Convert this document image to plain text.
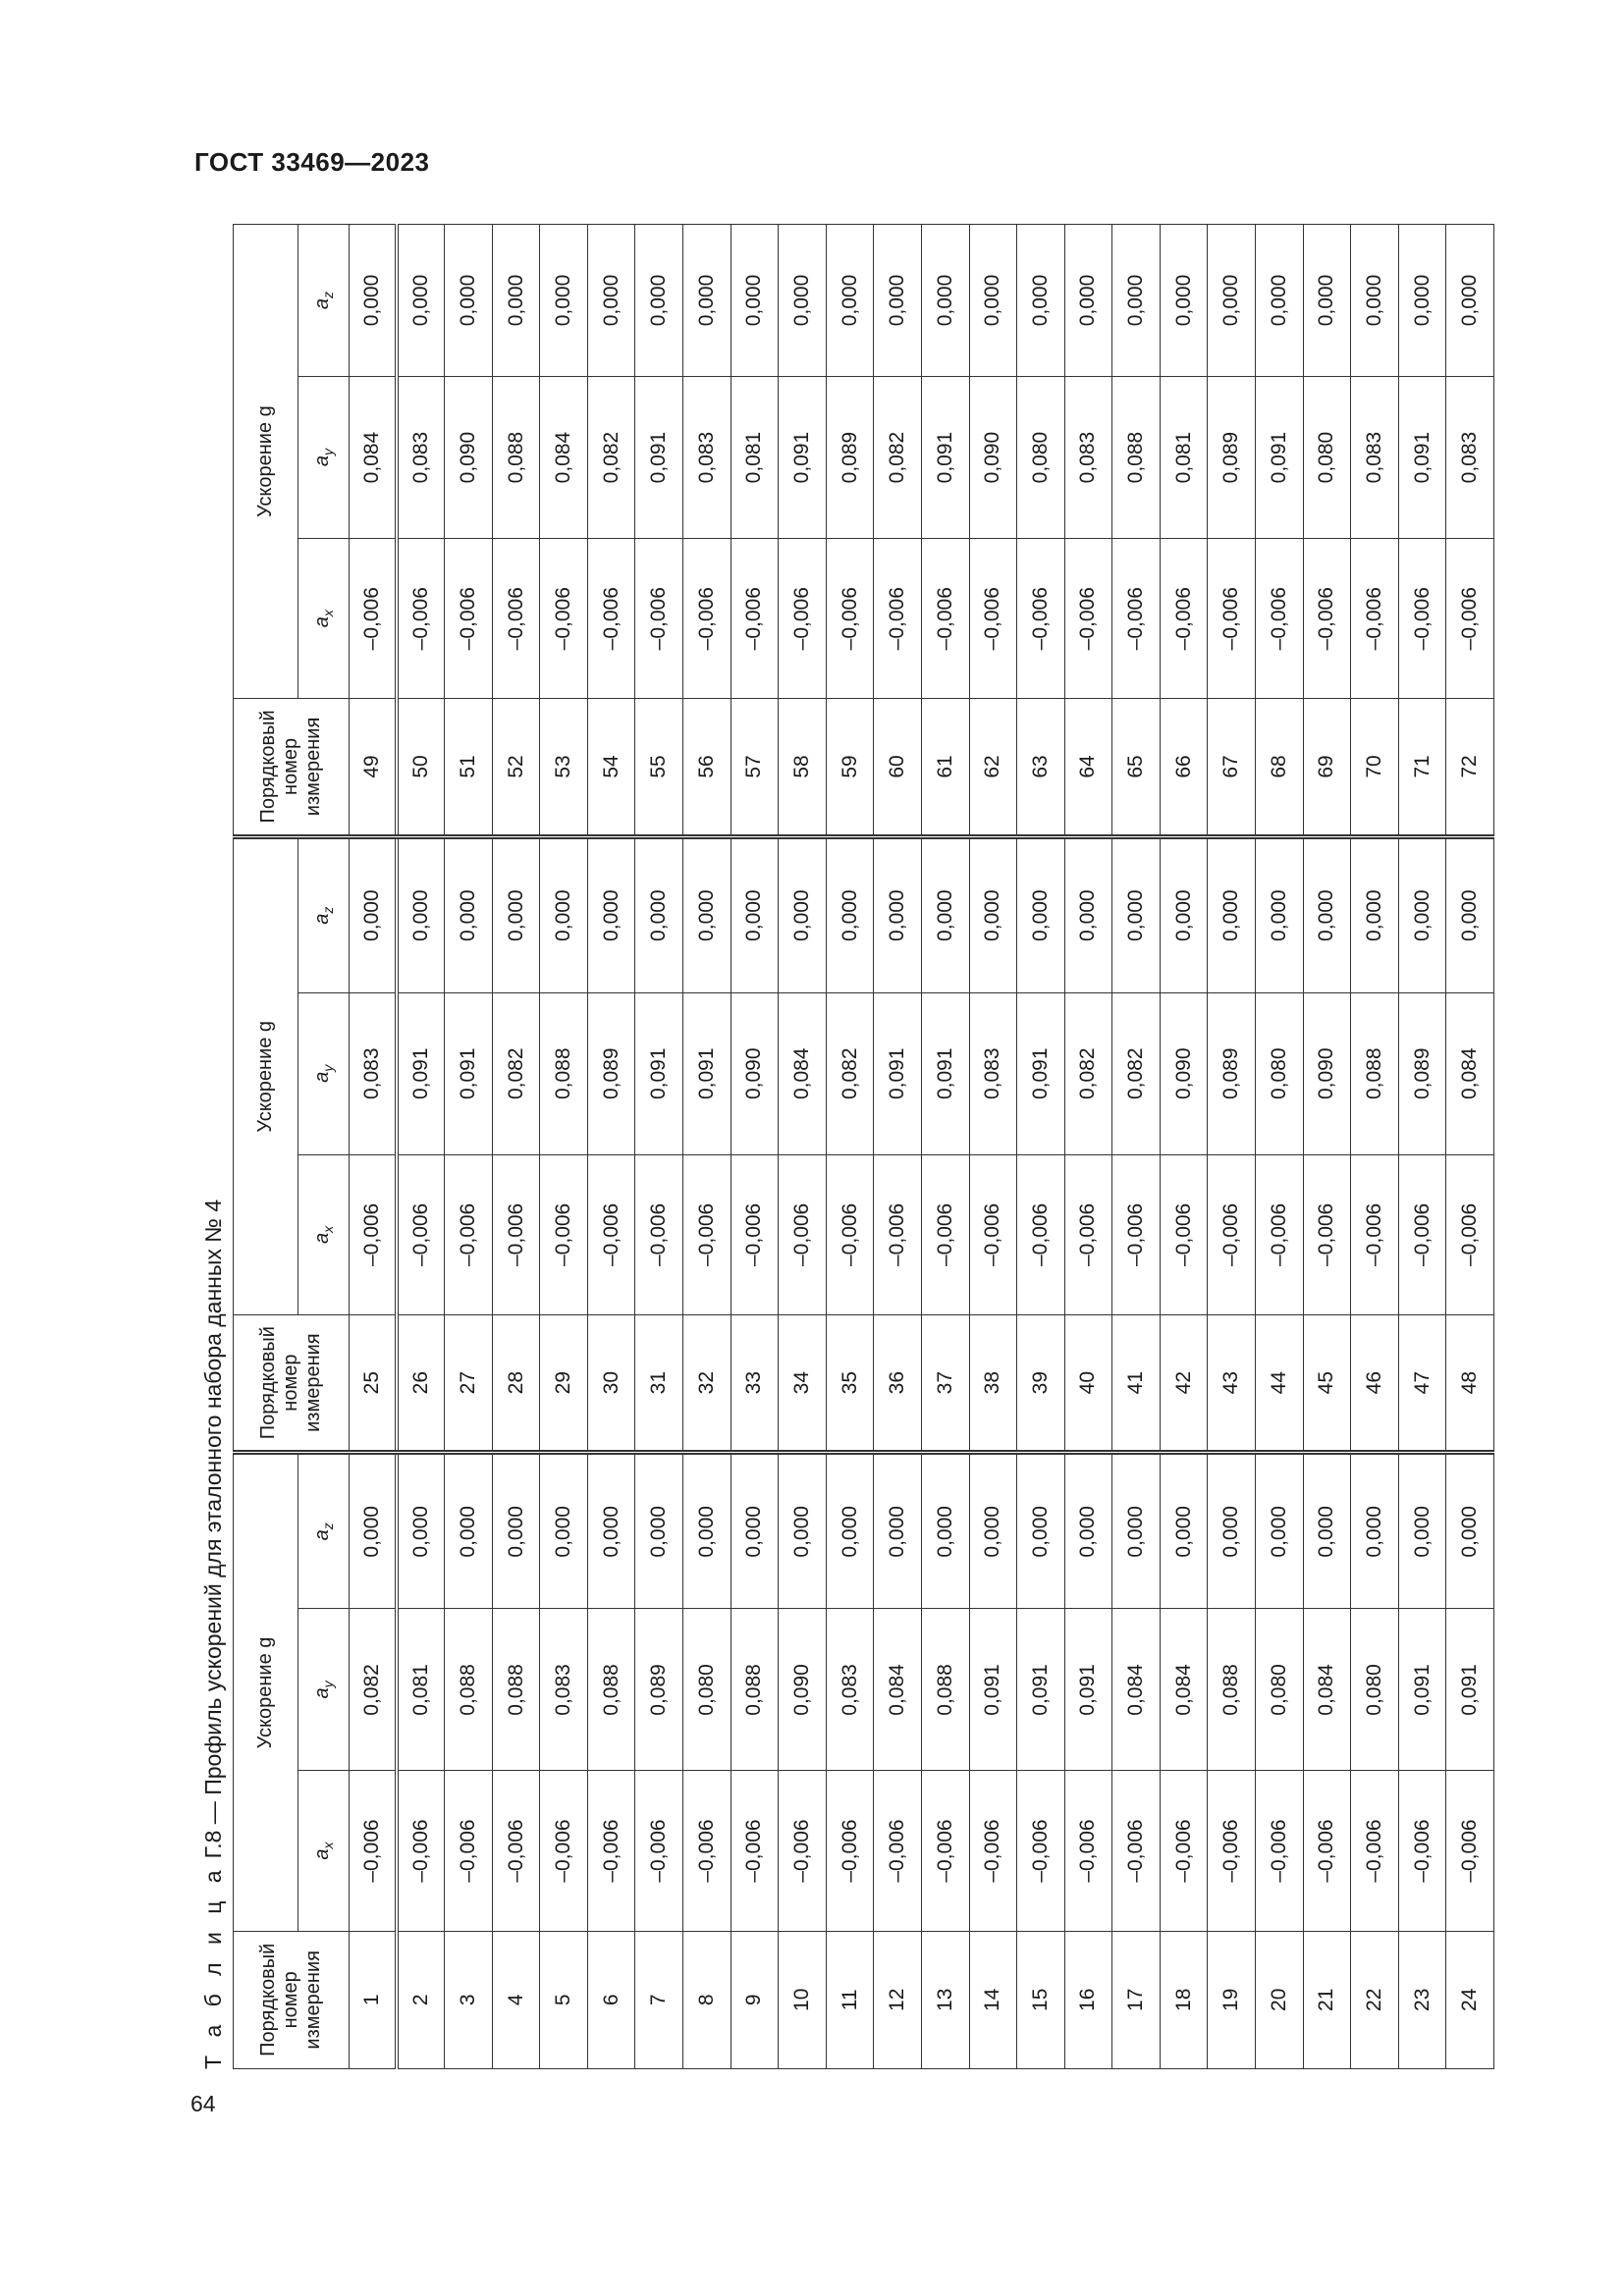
ГОСТ 33469—2023
64
Т а б л и ц аГ.8 — Профиль ускорений для эталонного набора данных № 4
Порядковый номер измерения	Ускорение g			Порядковый номер измерения	Ускорение g			Порядковый номер измерения	Ускорение g		
	$a_x$	$a_y$	$a_z$		$a_x$	$a_y$	$a_z$		$a_x$	$a_y$	$a_z$
1	–0,006	0,082	0,000	25	–0,006	0,083	0,000	49	–0,006	0,084	0,000
2	–0,006	0,081	0,000	26	–0,006	0,091	0,000	50	–0,006	0,083	0,000
3	–0,006	0,088	0,000	27	–0,006	0,091	0,000	51	–0,006	0,090	0,000
4	–0,006	0,088	0,000	28	–0,006	0,082	0,000	52	–0,006	0,088	0,000
5	–0,006	0,083	0,000	29	–0,006	0,088	0,000	53	–0,006	0,084	0,000
6	–0,006	0,088	0,000	30	–0,006	0,089	0,000	54	–0,006	0,082	0,000
7	–0,006	0,089	0,000	31	–0,006	0,091	0,000	55	–0,006	0,091	0,000
8	–0,006	0,080	0,000	32	–0,006	0,091	0,000	56	–0,006	0,083	0,000
9	–0,006	0,088	0,000	33	–0,006	0,090	0,000	57	–0,006	0,081	0,000
10	–0,006	0,090	0,000	34	–0,006	0,084	0,000	58	–0,006	0,091	0,000
11	–0,006	0,083	0,000	35	–0,006	0,082	0,000	59	–0,006	0,089	0,000
12	–0,006	0,084	0,000	36	–0,006	0,091	0,000	60	–0,006	0,082	0,000
13	–0,006	0,088	0,000	37	–0,006	0,091	0,000	61	–0,006	0,091	0,000
14	–0,006	0,091	0,000	38	–0,006	0,083	0,000	62	–0,006	0,090	0,000
15	–0,006	0,091	0,000	39	–0,006	0,091	0,000	63	–0,006	0,080	0,000
16	–0,006	0,091	0,000	40	–0,006	0,082	0,000	64	–0,006	0,083	0,000
17	–0,006	0,084	0,000	41	–0,006	0,082	0,000	65	–0,006	0,088	0,000
18	–0,006	0,084	0,000	42	–0,006	0,090	0,000	66	–0,006	0,081	0,000
19	–0,006	0,088	0,000	43	–0,006	0,089	0,000	67	–0,006	0,089	0,000
20	–0,006	0,080	0,000	44	–0,006	0,080	0,000	68	–0,006	0,091	0,000
21	–0,006	0,084	0,000	45	–0,006	0,090	0,000	69	–0,006	0,080	0,000
22	–0,006	0,080	0,000	46	–0,006	0,088	0,000	70	–0,006	0,083	0,000
23	–0,006	0,091	0,000	47	–0,006	0,089	0,000	71	–0,006	0,091	0,000
24	–0,006	0,091	0,000	48	–0,006	0,084	0,000	72	–0,006	0,083	0,000
